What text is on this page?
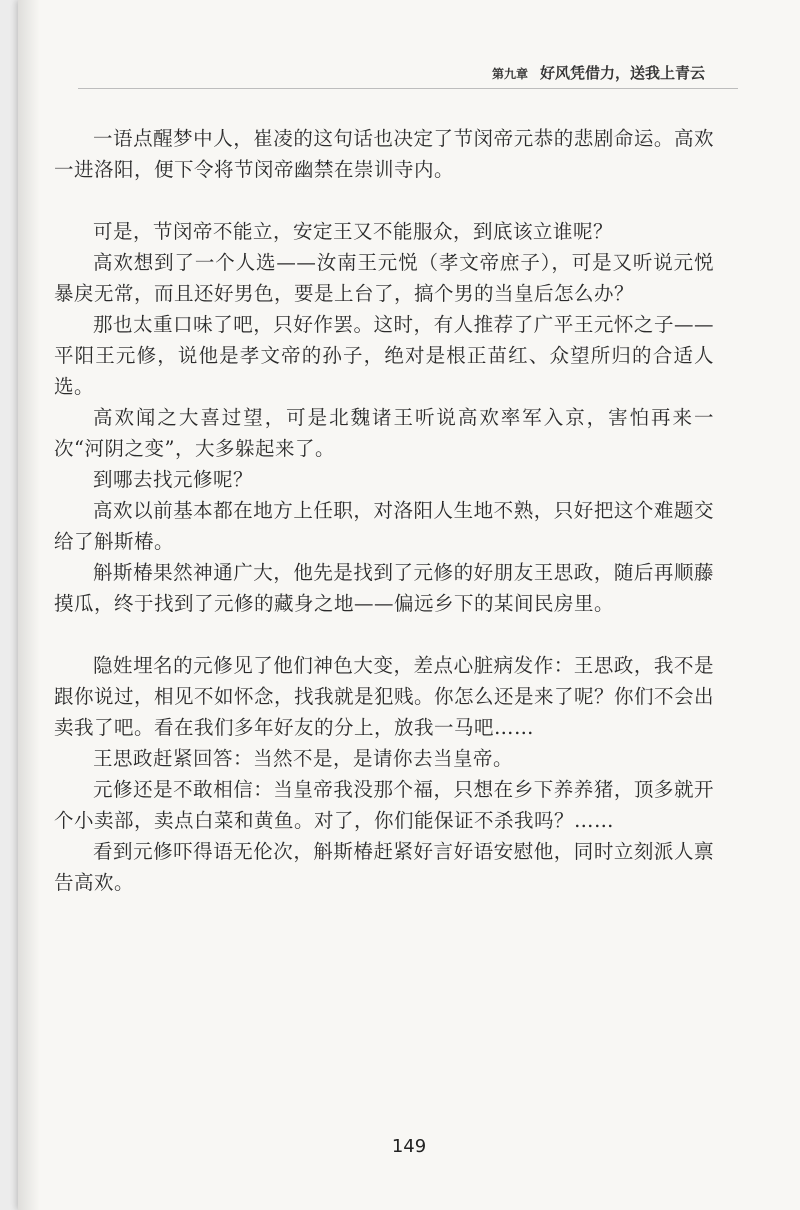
第九章 好风凭借力，送我上青云

一语点醒梦中人，崔凌的这句话也决定了节闵帝元恭的悲剧命运。高欢一进洛阳，便下令将节闵帝幽禁在崇训寺内。

可是，节闵帝不能立，安定王又不能服众，到底该立谁呢？

高欢想到了一个人选——汝南王元悦（孝文帝庶子），可是又听说元悦暴戾无常，而且还好男色，要是上台了，搞个男的当皇后怎么办？

那也太重口味了吧，只好作罢。这时，有人推荐了广平王元怀之子——平阳王元修，说他是孝文帝的孙子，绝对是根正苗红、众望所归的合适人选。

高欢闻之大喜过望，可是北魏诸王听说高欢率军入京，害怕再来一次“河阴之变”，大多躲起来了。

到哪去找元修呢？

高欢以前基本都在地方上任职，对洛阳人生地不熟，只好把这个难题交给了斛斯椿。

斛斯椿果然神通广大，他先是找到了元修的好朋友王思政，随后再顺藤摸瓜，终于找到了元修的藏身之地——偏远乡下的某间民房里。

隐姓埋名的元修见了他们神色大变，差点心脏病发作：王思政，我不是跟你说过，相见不如怀念，找我就是犯贱。你怎么还是来了呢？你们不会出卖我了吧。看在我们多年好友的分上，放我一马吧……

王思政赶紧回答：当然不是，是请你去当皇帝。

元修还是不敢相信：当皇帝我没那个福，只想在乡下养养猪，顶多就开个小卖部，卖点白菜和黄鱼。对了，你们能保证不杀我吗？……

看到元修吓得语无伦次，斛斯椿赶紧好言好语安慰他，同时立刻派人禀告高欢。

149
